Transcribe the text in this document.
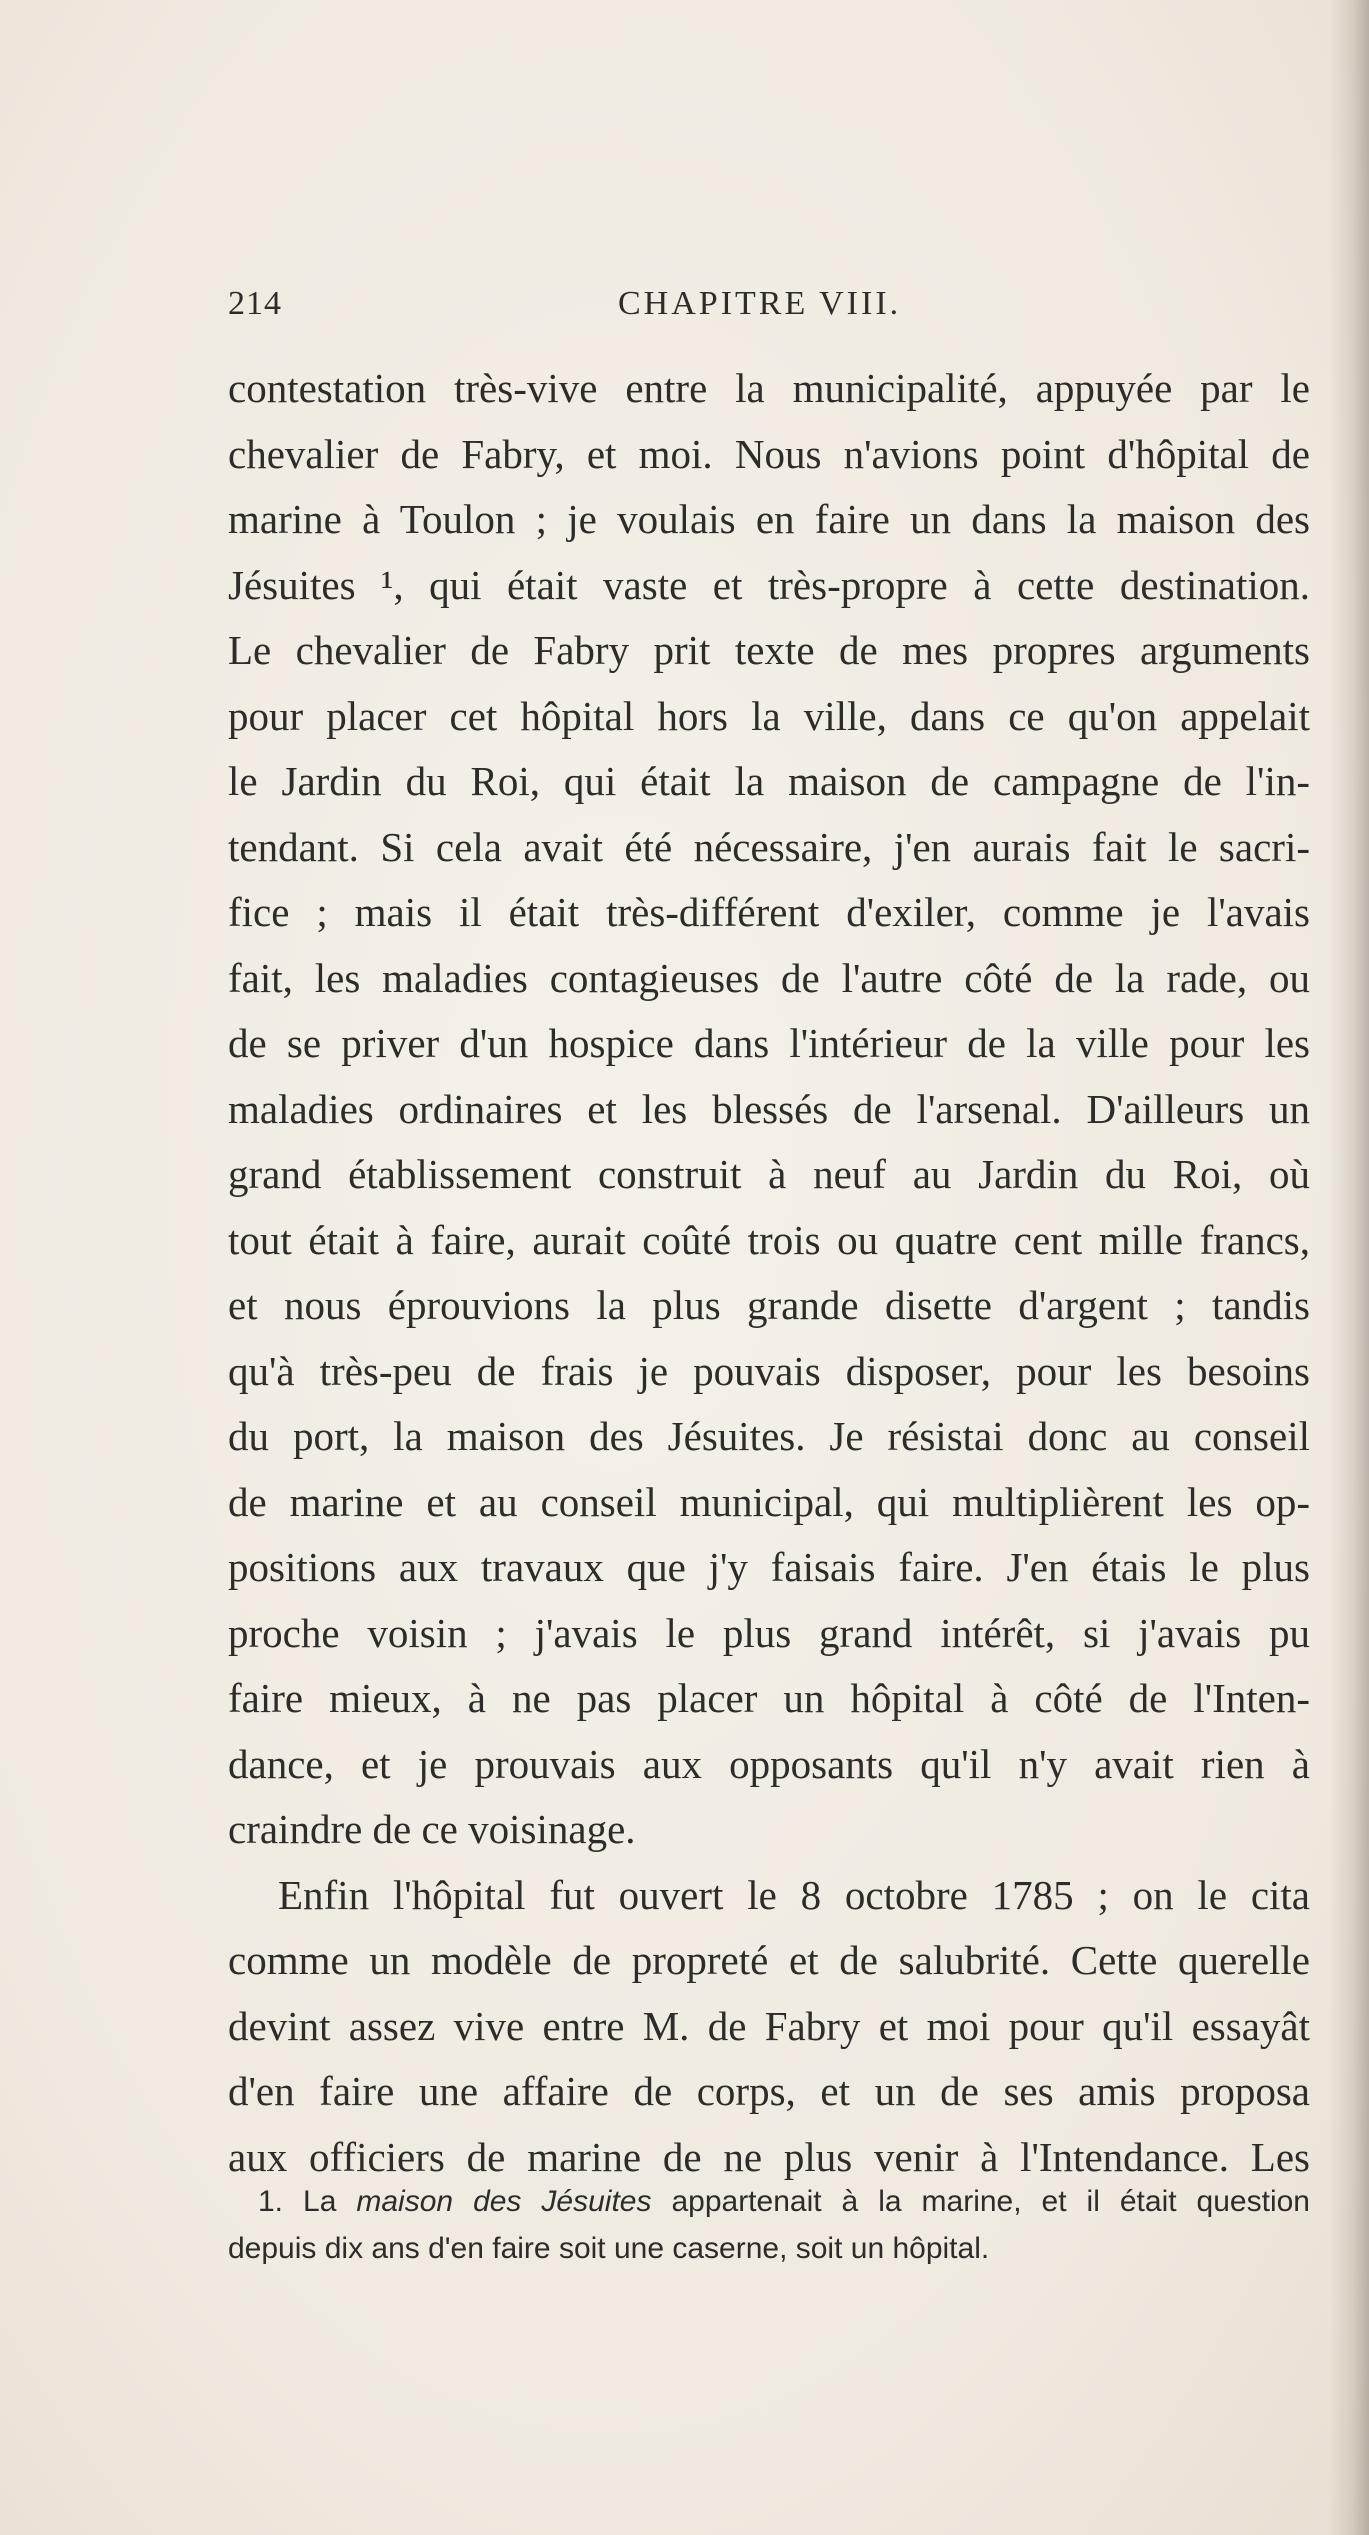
214	CHAPITRE VIII.
contestation très-vive entre la municipalité, appuyée par le
chevalier de Fabry, et moi. Nous n'avions point d'hôpital de
marine à Toulon ; je voulais en faire un dans la maison des
Jésuites ¹, qui était vaste et très-propre à cette destination.
Le chevalier de Fabry prit texte de mes propres arguments
pour placer cet hôpital hors la ville, dans ce qu'on appelait
le Jardin du Roi, qui était la maison de campagne de l'in-
tendant. Si cela avait été nécessaire, j'en aurais fait le sacri-
fice ; mais il était très-différent d'exiler, comme je l'avais
fait, les maladies contagieuses de l'autre côté de la rade, ou
de se priver d'un hospice dans l'intérieur de la ville pour les
maladies ordinaires et les blessés de l'arsenal. D'ailleurs un
grand établissement construit à neuf au Jardin du Roi, où
tout était à faire, aurait coûté trois ou quatre cent mille francs,
et nous éprouvions la plus grande disette d'argent ; tandis
qu'à très-peu de frais je pouvais disposer, pour les besoins
du port, la maison des Jésuites. Je résistai donc au conseil
de marine et au conseil municipal, qui multiplièrent les op-
positions aux travaux que j'y faisais faire. J'en étais le plus
proche voisin ; j'avais le plus grand intérêt, si j'avais pu
faire mieux, à ne pas placer un hôpital à côté de l'Inten-
dance, et je prouvais aux opposants qu'il n'y avait rien à
craindre de ce voisinage.
Enfin l'hôpital fut ouvert le 8 octobre 1785 ; on le cita
comme un modèle de propreté et de salubrité. Cette querelle
devint assez vive entre M. de Fabry et moi pour qu'il essayât
d'en faire une affaire de corps, et un de ses amis proposa
aux officiers de marine de ne plus venir à l'Intendance. Les
1. La maison des Jésuites appartenait à la marine, et il était question
depuis dix ans d'en faire soit une caserne, soit un hôpital.
